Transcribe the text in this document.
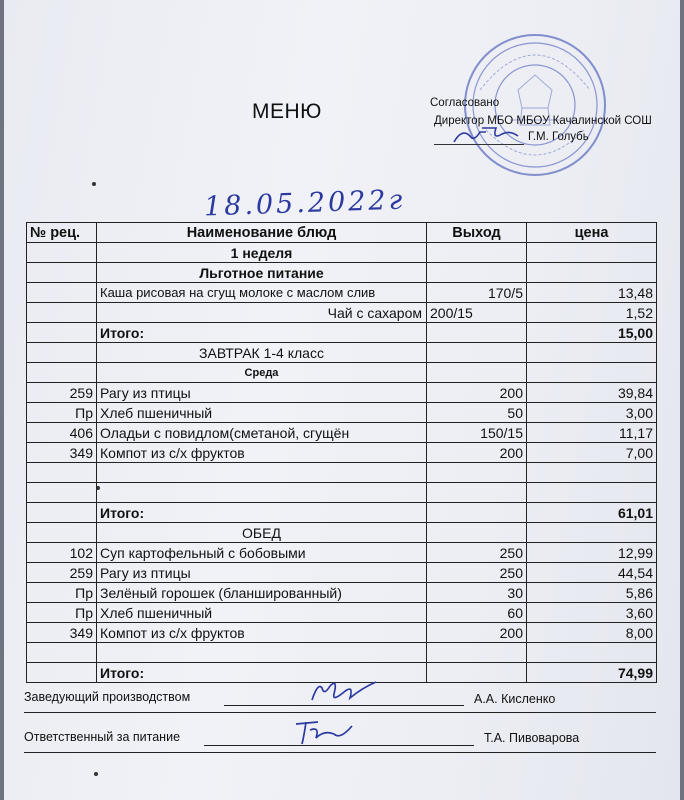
МЕНЮ	Согласовано
Директор МБО МБОУ Качалинской СОШ
Г.М. Голубь
18.05.2022г
№ рец.	Наименование блюд	Выход	цена
	1 неделя		
	Льготное питание		
	Каша рисовая на сгущ молоке с маслом слив	170/5	13,48
	Чай с сахаром	200/15	1,52
	Итого:		15,00
	ЗАВТРАК 1-4 класс		
	Среда		
259	Рагу из птицы	200	39,84
Пр	Хлеб пшеничный	50	3,00
406	Оладьи с повидлом(сметаной, сгущён	150/15	11,17
349	Компот из с/х фруктов	200	7,00

	Итого:		61,01
	ОБЕД		
102	Суп картофельный с бобовыми	250	12,99
259	Рагу из птицы	250	44,54
Пр	Зелёный горошек (бланшированный)	30	5,86
Пр	Хлеб пшеничный	60	3,60
349	Компот из с/х фруктов	200	8,00

	Итого:		74,99
Заведующий производством	А.А. Кисленко
Ответственный за питание	Т.А. Пивоварова
